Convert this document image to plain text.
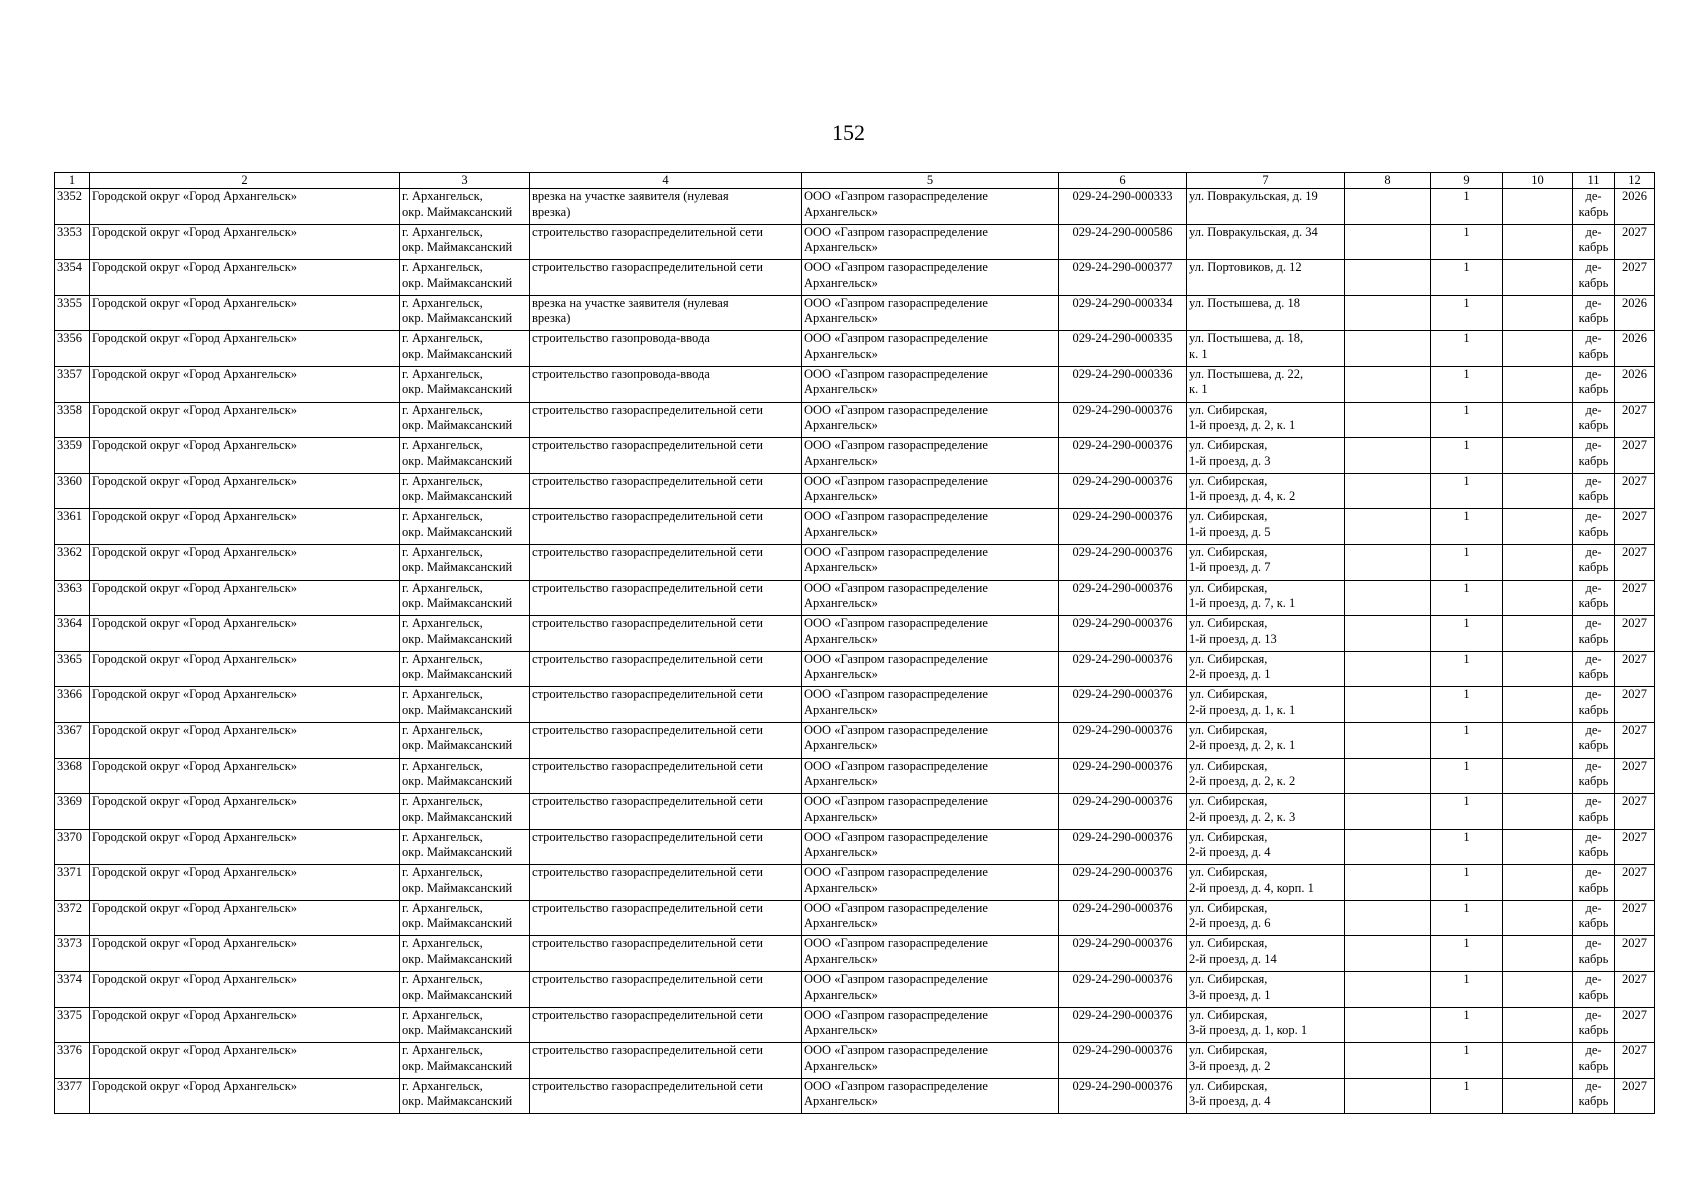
152
1	2	3	4	5	6	7	8	9	10	11	12
3352	Городской округ «Город Архангельск»	г. Архангельск,
окр. Маймаксанский	врезка на участке заявителя (нулевая
врезка)	ООО «Газпром газораспределение
Архангельск»	029-24-290-000333	ул. Повракульская, д. 19		1		де-
кабрь	2026
3353	Городской округ «Город Архангельск»	г. Архангельск,
окр. Маймаксанский	строительство газораспределительной сети	ООО «Газпром газораспределение
Архангельск»	029-24-290-000586	ул. Повракульская, д. 34		1		де-
кабрь	2027
3354	Городской округ «Город Архангельск»	г. Архангельск,
окр. Маймаксанский	строительство газораспределительной сети	ООО «Газпром газораспределение
Архангельск»	029-24-290-000377	ул. Портовиков, д. 12		1		де-
кабрь	2027
3355	Городской округ «Город Архангельск»	г. Архангельск,
окр. Маймаксанский	врезка на участке заявителя (нулевая
врезка)	ООО «Газпром газораспределение
Архангельск»	029-24-290-000334	ул. Постышева, д. 18		1		де-
кабрь	2026
3356	Городской округ «Город Архангельск»	г. Архангельск,
окр. Маймаксанский	строительство газопровода-ввода	ООО «Газпром газораспределение
Архангельск»	029-24-290-000335	ул. Постышева, д. 18,
к. 1		1		де-
кабрь	2026
3357	Городской округ «Город Архангельск»	г. Архангельск,
окр. Маймаксанский	строительство газопровода-ввода	ООО «Газпром газораспределение
Архангельск»	029-24-290-000336	ул. Постышева, д. 22,
к. 1		1		де-
кабрь	2026
3358	Городской округ «Город Архангельск»	г. Архангельск,
окр. Маймаксанский	строительство газораспределительной сети	ООО «Газпром газораспределение
Архангельск»	029-24-290-000376	ул. Сибирская,
1-й проезд, д. 2, к. 1		1		де-
кабрь	2027
3359	Городской округ «Город Архангельск»	г. Архангельск,
окр. Маймаксанский	строительство газораспределительной сети	ООО «Газпром газораспределение
Архангельск»	029-24-290-000376	ул. Сибирская,
1-й проезд, д. 3		1		де-
кабрь	2027
3360	Городской округ «Город Архангельск»	г. Архангельск,
окр. Маймаксанский	строительство газораспределительной сети	ООО «Газпром газораспределение
Архангельск»	029-24-290-000376	ул. Сибирская,
1-й проезд, д. 4, к. 2		1		де-
кабрь	2027
3361	Городской округ «Город Архангельск»	г. Архангельск,
окр. Маймаксанский	строительство газораспределительной сети	ООО «Газпром газораспределение
Архангельск»	029-24-290-000376	ул. Сибирская,
1-й проезд, д. 5		1		де-
кабрь	2027
3362	Городской округ «Город Архангельск»	г. Архангельск,
окр. Маймаксанский	строительство газораспределительной сети	ООО «Газпром газораспределение
Архангельск»	029-24-290-000376	ул. Сибирская,
1-й проезд, д. 7		1		де-
кабрь	2027
3363	Городской округ «Город Архангельск»	г. Архангельск,
окр. Маймаксанский	строительство газораспределительной сети	ООО «Газпром газораспределение
Архангельск»	029-24-290-000376	ул. Сибирская,
1-й проезд, д. 7, к. 1		1		де-
кабрь	2027
3364	Городской округ «Город Архангельск»	г. Архангельск,
окр. Маймаксанский	строительство газораспределительной сети	ООО «Газпром газораспределение
Архангельск»	029-24-290-000376	ул. Сибирская,
1-й проезд, д. 13		1		де-
кабрь	2027
3365	Городской округ «Город Архангельск»	г. Архангельск,
окр. Маймаксанский	строительство газораспределительной сети	ООО «Газпром газораспределение
Архангельск»	029-24-290-000376	ул. Сибирская,
2-й проезд, д. 1		1		де-
кабрь	2027
3366	Городской округ «Город Архангельск»	г. Архангельск,
окр. Маймаксанский	строительство газораспределительной сети	ООО «Газпром газораспределение
Архангельск»	029-24-290-000376	ул. Сибирская,
2-й проезд, д. 1, к. 1		1		де-
кабрь	2027
3367	Городской округ «Город Архангельск»	г. Архангельск,
окр. Маймаксанский	строительство газораспределительной сети	ООО «Газпром газораспределение
Архангельск»	029-24-290-000376	ул. Сибирская,
2-й проезд, д. 2, к. 1		1		де-
кабрь	2027
3368	Городской округ «Город Архангельск»	г. Архангельск,
окр. Маймаксанский	строительство газораспределительной сети	ООО «Газпром газораспределение
Архангельск»	029-24-290-000376	ул. Сибирская,
2-й проезд, д. 2, к. 2		1		де-
кабрь	2027
3369	Городской округ «Город Архангельск»	г. Архангельск,
окр. Маймаксанский	строительство газораспределительной сети	ООО «Газпром газораспределение
Архангельск»	029-24-290-000376	ул. Сибирская,
2-й проезд, д. 2, к. 3		1		де-
кабрь	2027
3370	Городской округ «Город Архангельск»	г. Архангельск,
окр. Маймаксанский	строительство газораспределительной сети	ООО «Газпром газораспределение
Архангельск»	029-24-290-000376	ул. Сибирская,
2-й проезд, д. 4		1		де-
кабрь	2027
3371	Городской округ «Город Архангельск»	г. Архангельск,
окр. Маймаксанский	строительство газораспределительной сети	ООО «Газпром газораспределение
Архангельск»	029-24-290-000376	ул. Сибирская,
2-й проезд, д. 4, корп. 1		1		де-
кабрь	2027
3372	Городской округ «Город Архангельск»	г. Архангельск,
окр. Маймаксанский	строительство газораспределительной сети	ООО «Газпром газораспределение
Архангельск»	029-24-290-000376	ул. Сибирская,
2-й проезд, д. 6		1		де-
кабрь	2027
3373	Городской округ «Город Архангельск»	г. Архангельск,
окр. Маймаксанский	строительство газораспределительной сети	ООО «Газпром газораспределение
Архангельск»	029-24-290-000376	ул. Сибирская,
2-й проезд, д. 14		1		де-
кабрь	2027
3374	Городской округ «Город Архангельск»	г. Архангельск,
окр. Маймаксанский	строительство газораспределительной сети	ООО «Газпром газораспределение
Архангельск»	029-24-290-000376	ул. Сибирская,
3-й проезд, д. 1		1		де-
кабрь	2027
3375	Городской округ «Город Архангельск»	г. Архангельск,
окр. Маймаксанский	строительство газораспределительной сети	ООО «Газпром газораспределение
Архангельск»	029-24-290-000376	ул. Сибирская,
3-й проезд, д. 1, кор. 1		1		де-
кабрь	2027
3376	Городской округ «Город Архангельск»	г. Архангельск,
окр. Маймаксанский	строительство газораспределительной сети	ООО «Газпром газораспределение
Архангельск»	029-24-290-000376	ул. Сибирская,
3-й проезд, д. 2		1		де-
кабрь	2027
3377	Городской округ «Город Архангельск»	г. Архангельск,
окр. Маймаксанский	строительство газораспределительной сети	ООО «Газпром газораспределение
Архангельск»	029-24-290-000376	ул. Сибирская,
3-й проезд, д. 4		1		де-
кабрь	2027
